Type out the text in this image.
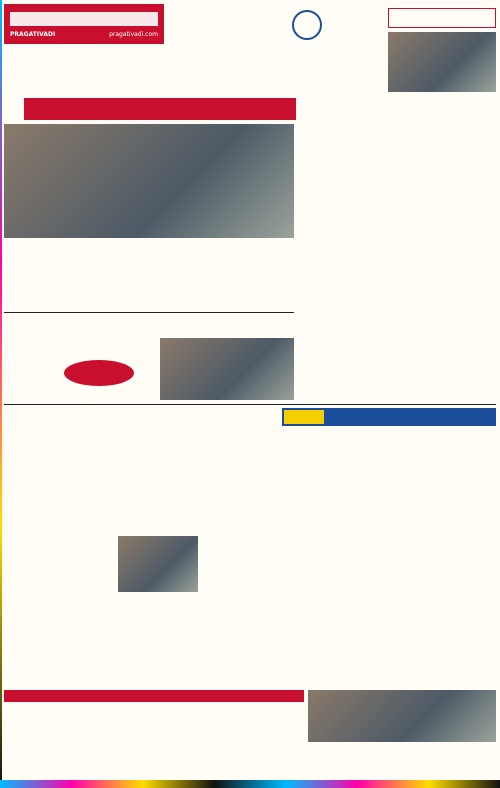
PRAGATIVADI	pragativadi.com
